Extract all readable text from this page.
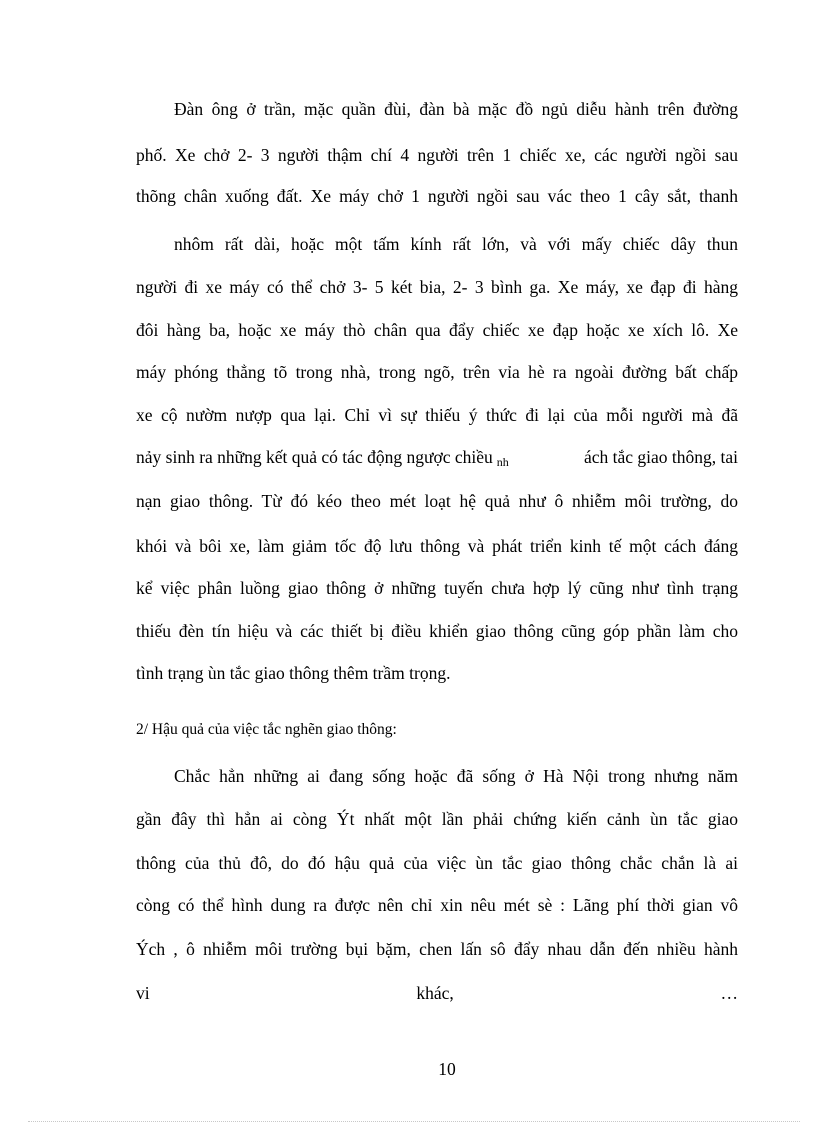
Đàn ông ở trần, mặc quần đùi, đàn bà mặc đồ ngủ diễu hành trên đường
phố. Xe chở 2- 3 người thậm chí 4 người trên 1 chiếc xe, các người ngồi sau
thõng chân xuống đất. Xe máy chở 1 người ngồi sau vác theo 1 cây sắt, thanh
nhôm rất dài, hoặc một tấm kính rất lớn, và với mấy chiếc dây thun
người đi xe máy có thể chở 3- 5 két bia, 2- 3 bình ga. Xe máy, xe đạp đi hàng
đôi hàng ba, hoặc xe máy thò chân qua đẩy chiếc xe đạp hoặc xe xích lô. Xe
máy phóng thẳng tõ trong nhà, trong ngõ, trên vỉa hè ra ngoài đường bất chấp
xe cộ nườm nượp qua lại. Chỉ vì sự thiếu ý thức đi lại của mỗi người mà đã
nảy sinh ra những kết quả có tác động ngược chiều nh	ách tắc giao thông, tai
nạn giao thông. Từ đó kéo theo mét loạt hệ quả như ô nhiễm môi trường, do
khói và bôi xe, làm giảm tốc độ lưu thông và phát triển kinh tế một cách đáng
kể việc phân luồng giao thông ở những tuyến chưa hợp lý cũng như tình trạng
thiếu đèn tín hiệu và các thiết bị điều khiển giao thông cũng góp phần làm cho
tình trạng ùn tắc giao thông thêm trầm trọng.
2/ Hậu quả của việc tắc nghẽn giao thông:
Chắc hẳn những ai đang sống hoặc đã sống ở Hà Nội trong nhưng năm
gần đây thì hẳn ai còng Ýt nhất một lần phải chứng kiến cảnh ùn tắc giao
thông của thủ đô, do đó hậu quả của việc ùn tắc giao thông chắc chắn là ai
còng có thể hình dung ra được nên chỉ xin nêu mét sè : Lãng phí thời gian vô
Ých , ô nhiễm môi trường bụi bặm, chen lấn sô đẩy nhau dẫn đến nhiều hành
vi	khác,	…
10
